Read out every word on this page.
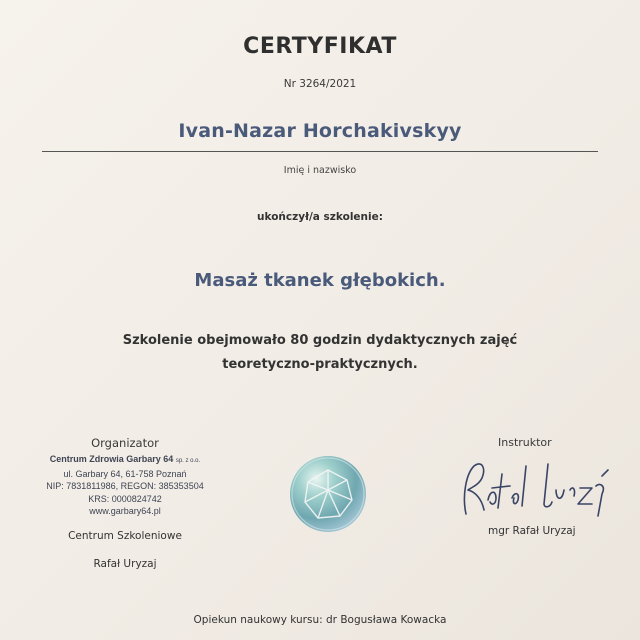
CERTYFIKAT
Nr 3264/2021
Ivan-Nazar Horchakivskyy
Imię i nazwisko
ukończył/a szkolenie:
Masaż tkanek głębokich.
Szkolenie obejmowało 80 godzin dydaktycznych zajęć teoretyczno-praktycznych.
Organizator
Centrum Zdrowia Garbary 64 sp. z o.o.
ul. Garbary 64, 61-758 Poznań
NIP: 7831811986, REGON: 385353504
KRS: 0000824742
www.garbary64.pl
Centrum Szkoleniowe
Rafał Uryzaj
Instruktor
mgr Rafał Uryzaj
Opiekun naukowy kursu: dr Bogusława Kowacka
